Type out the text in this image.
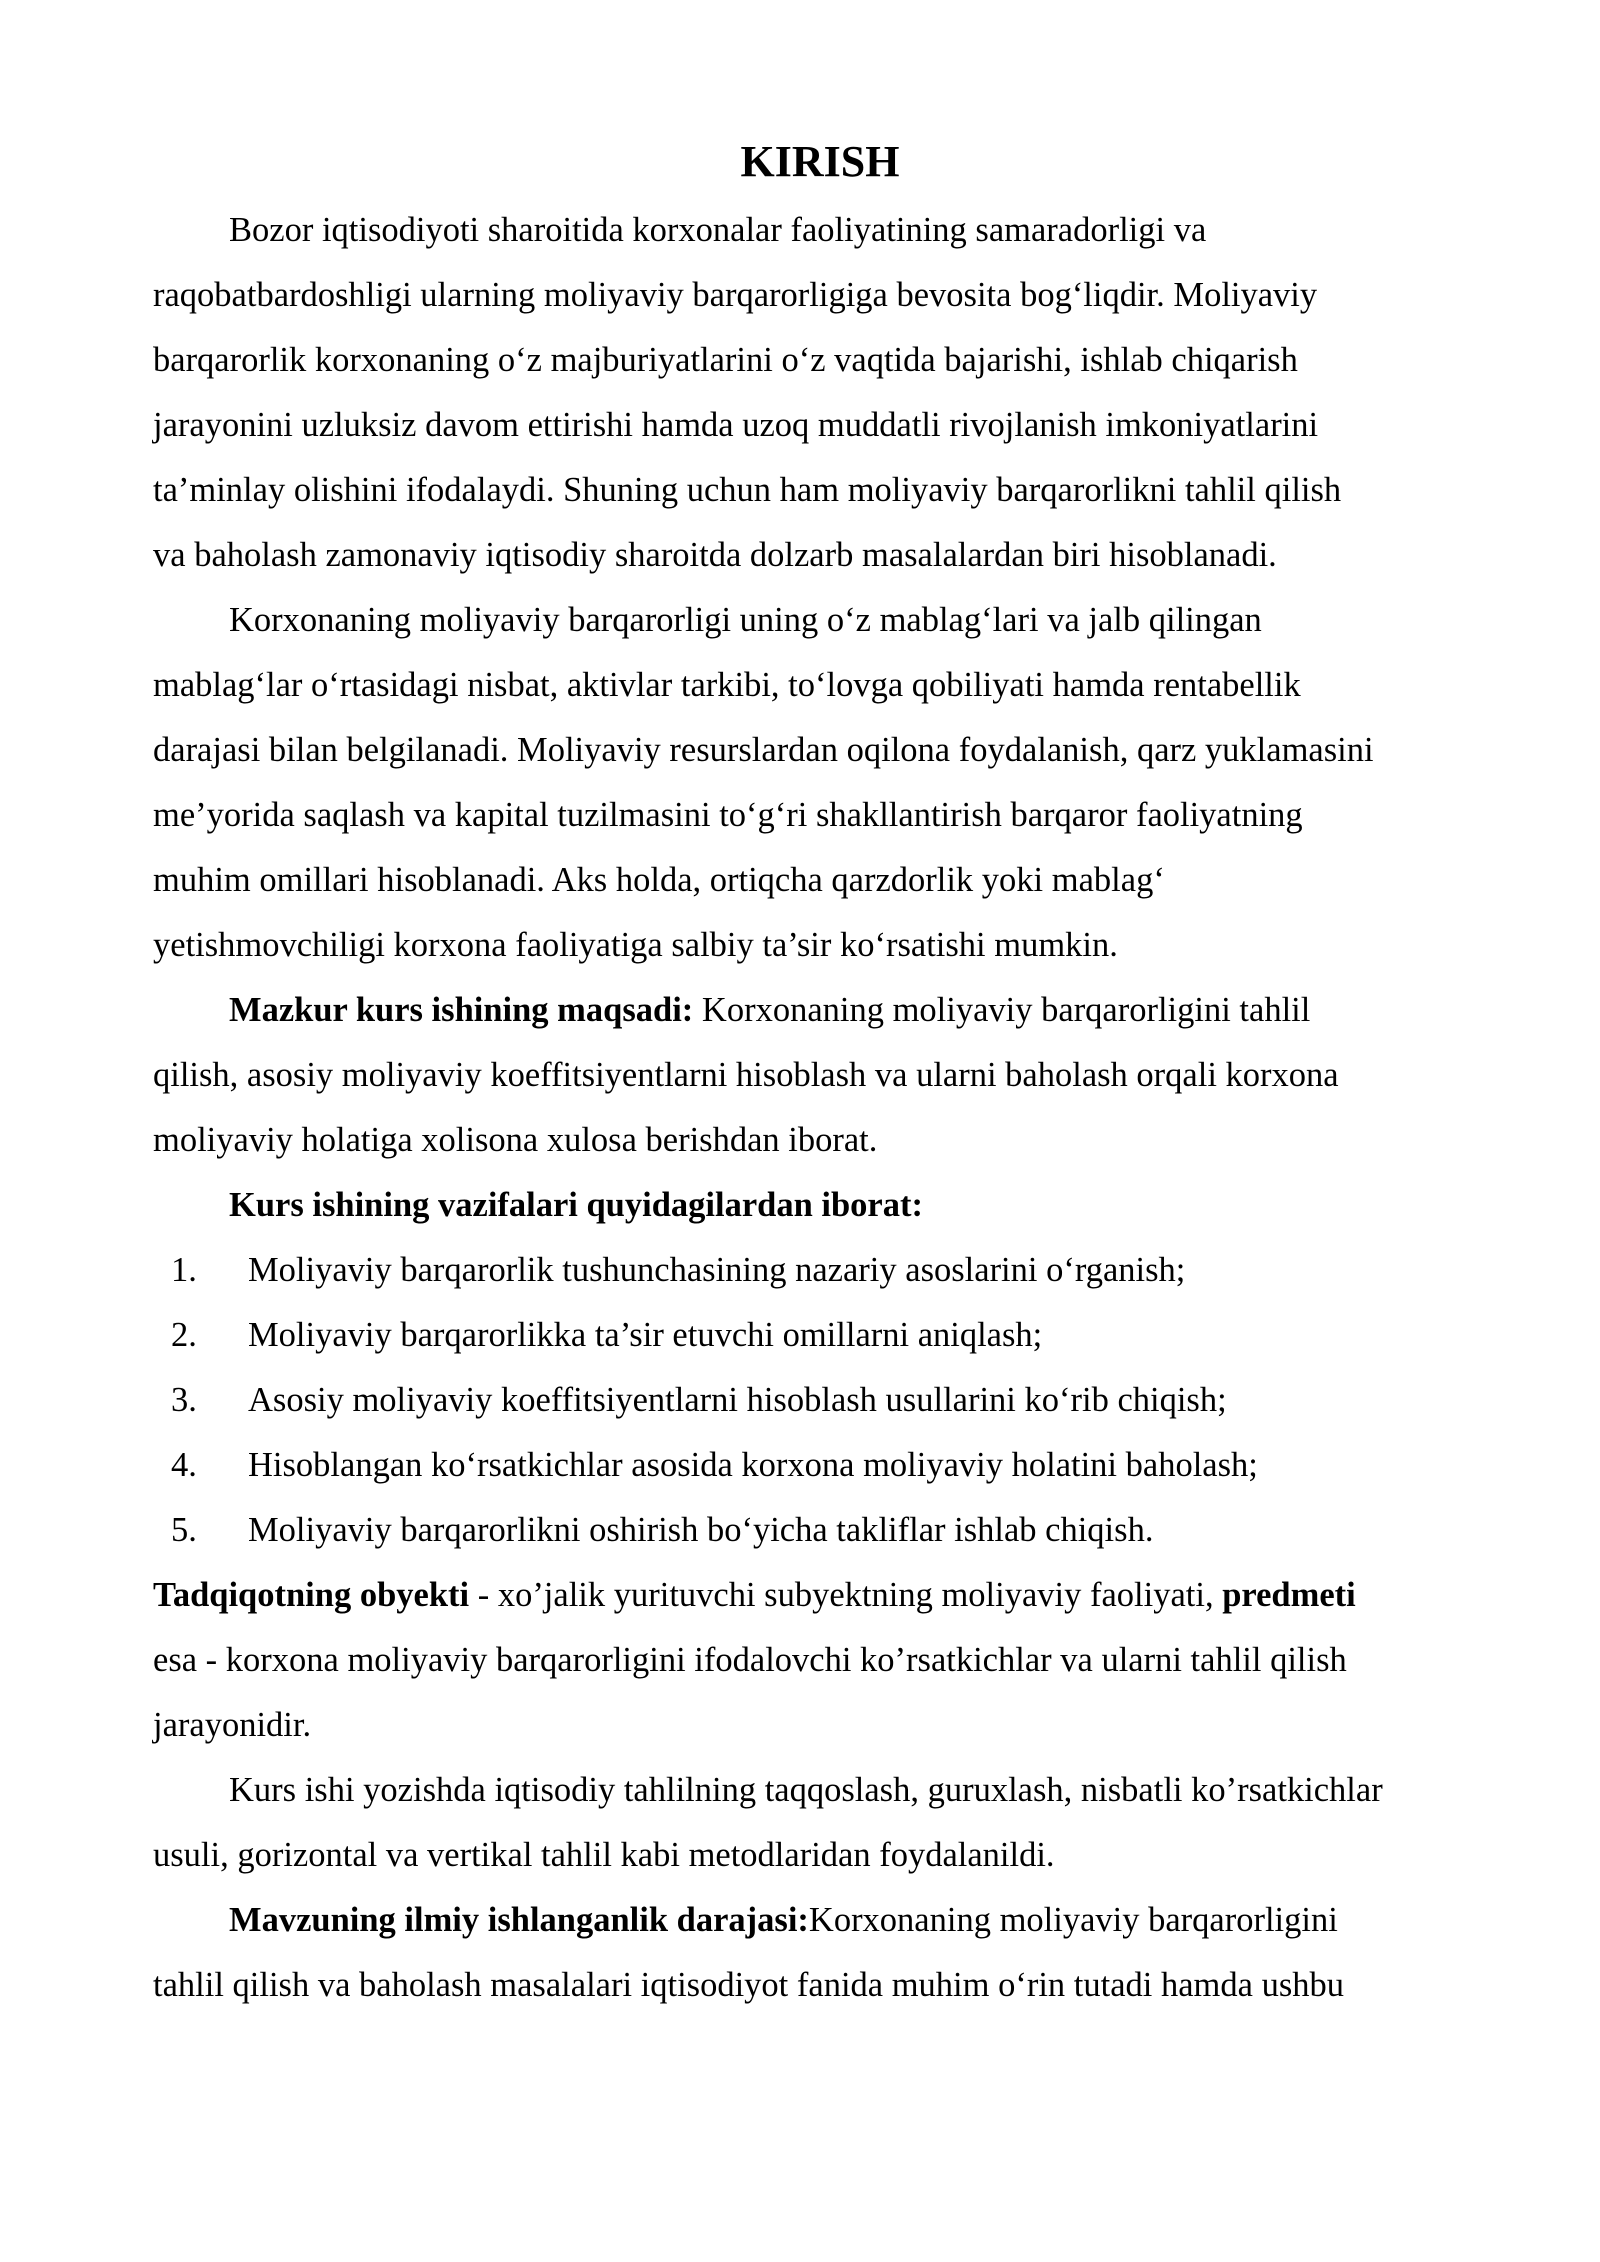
KIRISH
Bozor iqtisodiyoti sharoitida korxonalar faoliyatining samaradorligi va
raqobatbardoshligi ularning moliyaviy barqarorligiga bevosita bog‘liqdir. Moliyaviy
barqarorlik korxonaning o‘z majburiyatlarini o‘z vaqtida bajarishi, ishlab chiqarish
jarayonini uzluksiz davom ettirishi hamda uzoq muddatli rivojlanish imkoniyatlarini
ta’minlay olishini ifodalaydi. Shuning uchun ham moliyaviy barqarorlikni tahlil qilish
va baholash zamonaviy iqtisodiy sharoitda dolzarb masalalardan biri hisoblanadi.
Korxonaning moliyaviy barqarorligi uning o‘z mablag‘lari va jalb qilingan
mablag‘lar o‘rtasidagi nisbat, aktivlar tarkibi, to‘lovga qobiliyati hamda rentabellik
darajasi bilan belgilanadi. Moliyaviy resurslardan oqilona foydalanish, qarz yuklamasini
me’yorida saqlash va kapital tuzilmasini to‘g‘ri shakllantirish barqaror faoliyatning
muhim omillari hisoblanadi. Aks holda, ortiqcha qarzdorlik yoki mablag‘
yetishmovchiligi korxona faoliyatiga salbiy ta’sir ko‘rsatishi mumkin.
Mazkur kurs ishining maqsadi: Korxonaning moliyaviy barqarorligini tahlil
qilish, asosiy moliyaviy koeffitsiyentlarni hisoblash va ularni baholash orqali korxona
moliyaviy holatiga xolisona xulosa berishdan iborat.
Kurs ishining vazifalari quyidagilardan iborat:
1. Moliyaviy barqarorlik tushunchasining nazariy asoslarini o‘rganish;
2. Moliyaviy barqarorlikka ta’sir etuvchi omillarni aniqlash;
3. Asosiy moliyaviy koeffitsiyentlarni hisoblash usullarini ko‘rib chiqish;
4. Hisoblangan ko‘rsatkichlar asosida korxona moliyaviy holatini baholash;
5. Moliyaviy barqarorlikni oshirish bo‘yicha takliflar ishlab chiqish.
Tadqiqotning obyekti - xo’jalik yurituvchi subyektning moliyaviy faoliyati, predmeti
esa - korxona moliyaviy barqarorligini ifodalovchi ko’rsatkichlar va ularni tahlil qilish
jarayonidir.
Kurs ishi yozishda iqtisodiy tahlilning taqqoslash, guruxlash, nisbatli ko’rsatkichlar
usuli, gorizontal va vertikal tahlil kabi metodlaridan foydalanildi.
Mavzuning ilmiy ishlanganlik darajasi:Korxonaning moliyaviy barqarorligini
tahlil qilish va baholash masalalari iqtisodiyot fanida muhim o‘rin tutadi hamda ushbu
